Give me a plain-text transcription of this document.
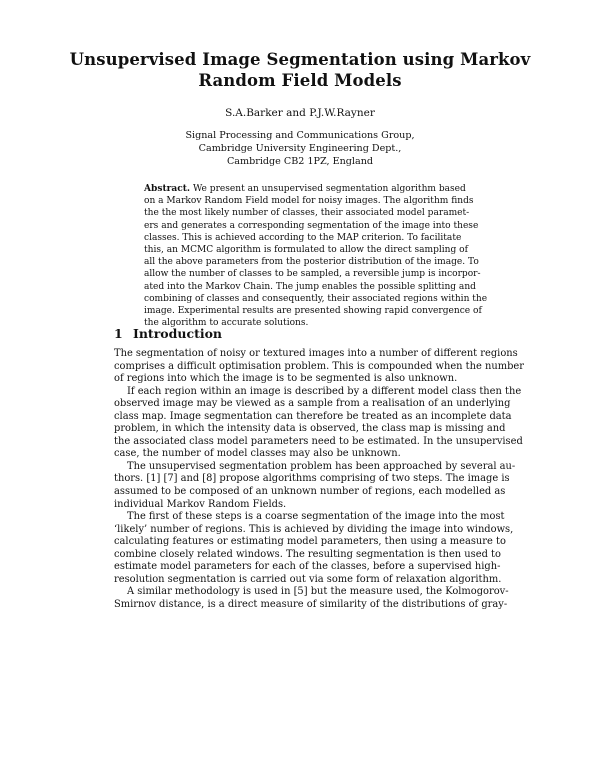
Unsupervised Image Segmentation using Markov
Random Field Models
S.A.Barker and P.J.W.Rayner
Signal Processing and Communications Group,
Cambridge University Engineering Dept.,
Cambridge CB2 1PZ, England
Abstract. We present an unsupervised segmentation algorithm based
on a Markov Random Field model for noisy images. The algorithm finds
the the most likely number of classes, their associated model paramet-
ers and generates a corresponding segmentation of the image into these
classes. This is achieved according to the MAP criterion. To facilitate
this, an MCMC algorithm is formulated to allow the direct sampling of
all the above parameters from the posterior distribution of the image. To
allow the number of classes to be sampled, a reversible jump is incorpor-
ated into the Markov Chain. The jump enables the possible splitting and
combining of classes and consequently, their associated regions within the
image. Experimental results are presented showing rapid convergence of
the algorithm to accurate solutions.
1 Introduction
The segmentation of noisy or textured images into a number of different regions
comprises a difficult optimisation problem. This is compounded when the number
of regions into which the image is to be segmented is also unknown.
If each region within an image is described by a different model class then the
observed image may be viewed as a sample from a realisation of an underlying
class map. Image segmentation can therefore be treated as an incomplete data
problem, in which the intensity data is observed, the class map is missing and
the associated class model parameters need to be estimated. In the unsupervised
case, the number of model classes may also be unknown.
The unsupervised segmentation problem has been approached by several au-
thors. [1] [7] and [8] propose algorithms comprising of two steps. The image is
assumed to be composed of an unknown number of regions, each modelled as
individual Markov Random Fields.
The first of these steps is a coarse segmentation of the image into the most
‘likely’ number of regions. This is achieved by dividing the image into windows,
calculating features or estimating model parameters, then using a measure to
combine closely related windows. The resulting segmentation is then used to
estimate model parameters for each of the classes, before a supervised high-
resolution segmentation is carried out via some form of relaxation algorithm.
A similar methodology is used in [5] but the measure used, the Kolmogorov-
Smirnov distance, is a direct measure of similarity of the distributions of gray-
